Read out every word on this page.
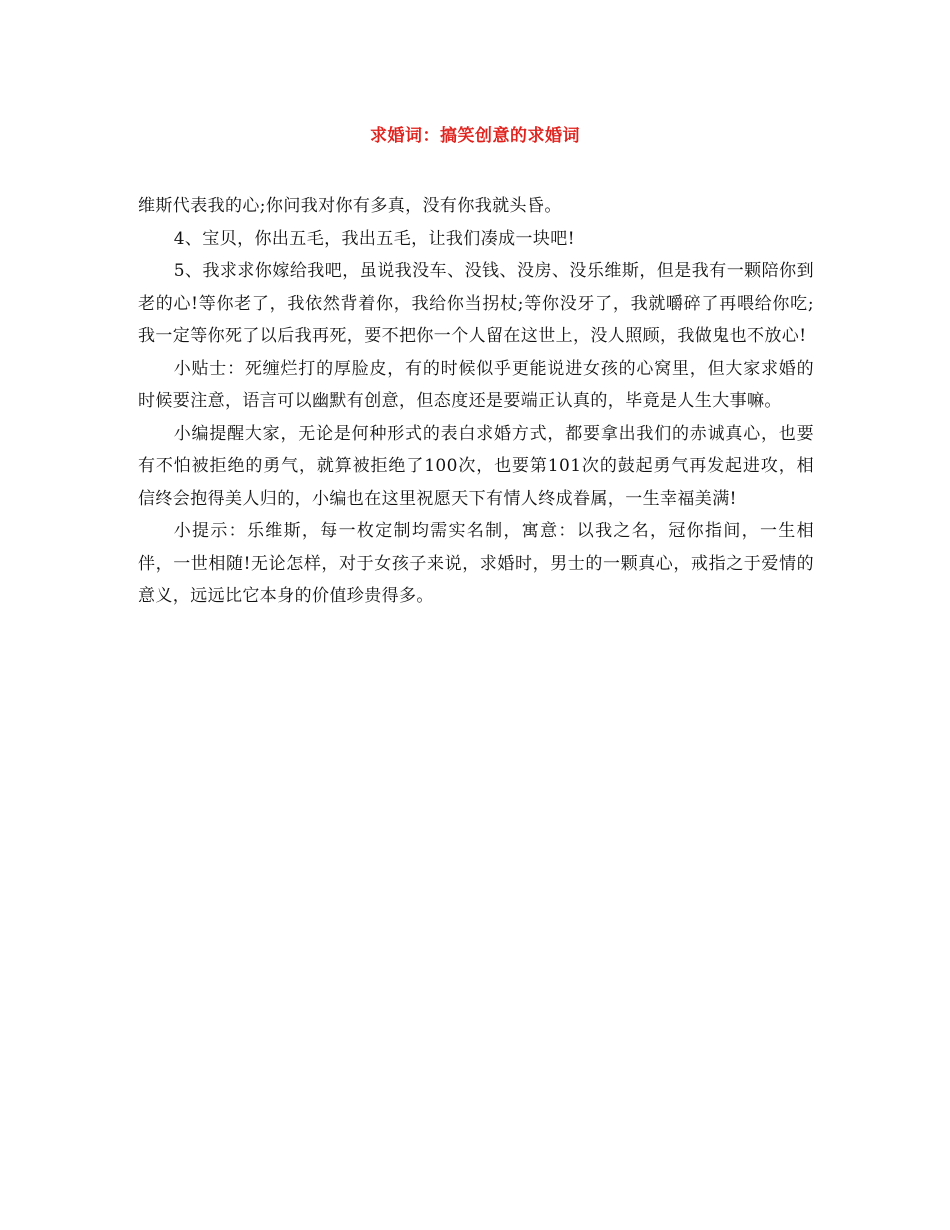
求婚词：搞笑创意的求婚词

维斯代表我的心;你问我对你有多真，没有你我就头昏。

4、宝贝，你出五毛，我出五毛，让我们凑成一块吧!

5、我求求你嫁给我吧，虽说我没车、没钱、没房、没乐维斯，但是我有一颗陪你到老的心!等你老了，我依然背着你，我给你当拐杖;等你没牙了，我就嚼碎了再喂给你吃;我一定等你死了以后我再死，要不把你一个人留在这世上，没人照顾，我做鬼也不放心!

小贴士：死缠烂打的厚脸皮，有的时候似乎更能说进女孩的心窝里，但大家求婚的时候要注意，语言可以幽默有创意，但态度还是要端正认真的，毕竟是人生大事嘛。

小编提醒大家，无论是何种形式的表白求婚方式，都要拿出我们的赤诚真心，也要有不怕被拒绝的勇气，就算被拒绝了100次，也要第101次的鼓起勇气再发起进攻，相信终会抱得美人归的，小编也在这里祝愿天下有情人终成眷属，一生幸福美满!

小提示：乐维斯，每一枚定制均需实名制，寓意：以我之名，冠你指间，一生相伴，一世相随!无论怎样，对于女孩子来说，求婚时，男士的一颗真心，戒指之于爱情的意义，远远比它本身的价值珍贵得多。
